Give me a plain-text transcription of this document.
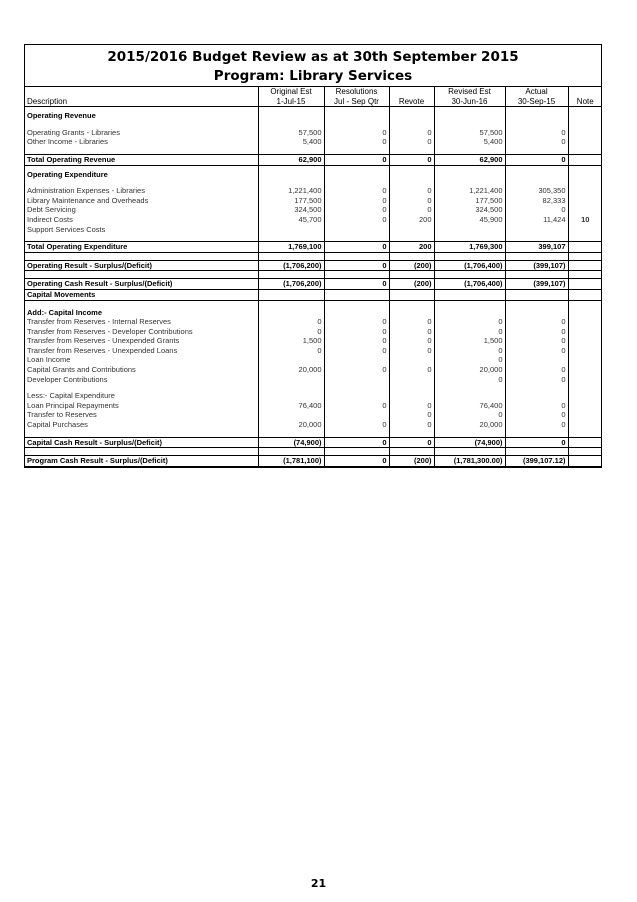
2015/2016 Budget Review as at 30th September 2015
Program: Library Services
	Original Est	Resolutions		Revised Est	Actual	
Description	1-Jul-15	Jul - Sep Qtr	Revote	30-Jun-16	30-Sep-15	Note

Operating Revenue						

Operating Grants - Libraries	57,500	0	0	57,500	0	
Other Income - Libraries	5,400	0	0	5,400	0	

Total Operating Revenue	62,900	0	0	62,900	0	

Operating Expenditure						

Administration Expenses - Libraries	1,221,400	0	0	1,221,400	305,350	
Library Maintenance and Overheads	177,500	0	0	177,500	82,333	
Debt Servicing	324,500	0	0	324,500	0	
Indirect Costs	45,700	0	200	45,900	11,424	10
Support Services Costs						

Total Operating Expenditure	1,769,100	0	200	1,769,300	399,107	

Operating Result - Surplus/(Deficit)	(1,706,200)	0	(200)	(1,706,400)	(399,107)	

Operating Cash Result - Surplus/(Deficit)	(1,706,200)	0	(200)	(1,706,400)	(399,107)	
Capital Movements						

Add:- Capital Income						
Transfer from Reserves - Internal Reserves	0	0	0	0	0	
Transfer from Reserves - Developer Contributions	0	0	0	0	0	
Transfer from Reserves - Unexpended Grants	1,500	0	0	1,500	0	
Transfer from Reserves - Unexpended Loans	0	0	0	0	0	
Loan Income				0		
Capital Grants and Contributions	20,000	0	0	20,000	0	
Developer Contributions				0	0	

Less:- Capital Expenditure						
Loan Principal Repayments	76,400	0	0	76,400	0	
Transfer to Reserves			0	0	0	
Capital Purchases	20,000	0	0	20,000	0	

Capital Cash Result - Surplus/(Deficit)	(74,900)	0	0	(74,900)	0	

Program Cash Result - Surplus/(Deficit)	(1,781,100)	0	(200)	(1,781,300.00)	(399,107.12)	
21
